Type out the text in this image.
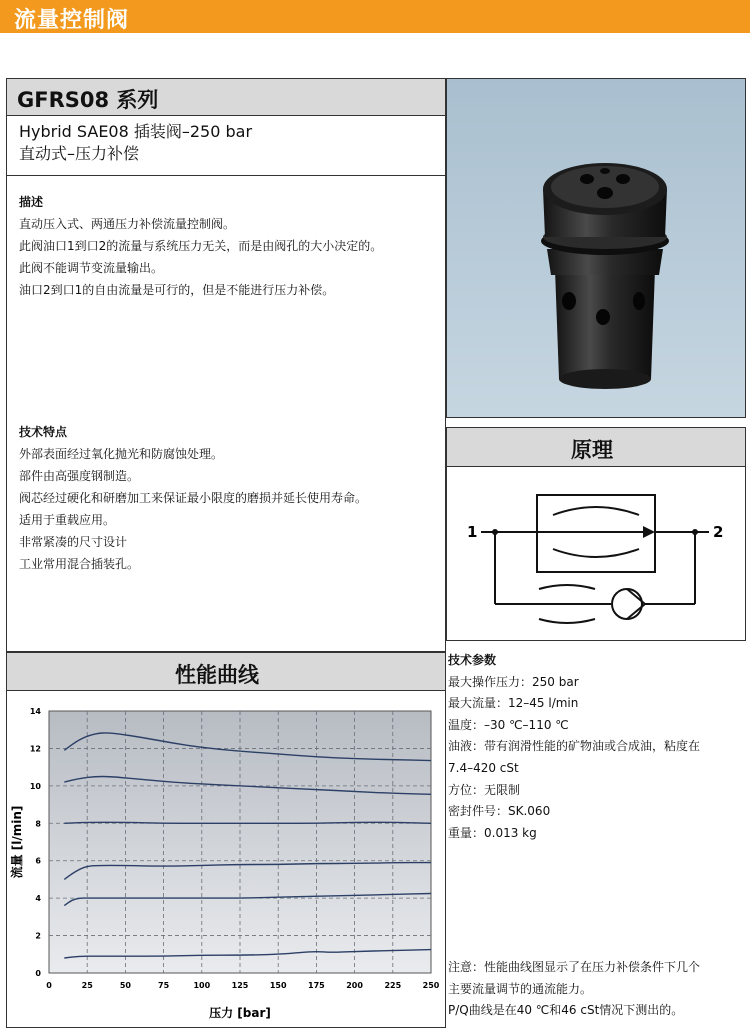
流量控制阀
GFRS08 系列
Hybrid SAE08 插装阀–250 bar
直动式–压力补偿
描述
直动压入式、两通压力补偿流量控制阀。
此阀油口1到口2的流量与系统压力无关，而是由阀孔的大小决定的。
此阀不能调节变流量输出。
油口2到口1的自由流量是可行的，但是不能进行压力补偿。
技术特点
外部表面经过氧化抛光和防腐蚀处理。
部件由高强度钢制造。
阀芯经过硬化和研磨加工来保证最小限度的磨损并延长使用寿命。
适用于重载应用。
非常紧凑的尺寸设计
工业常用混合插装孔。
原理
1	2
性能曲线
0	25	50	75	100	125	150	175	200	225	250
0
2
4
6
8
10
12
14
压力 [bar]
流量 [l/min]
技术参数
最大操作压力：250 bar
最大流量：12–45 l/min
温度：–30 ℃–110 ℃
油液：带有润滑性能的矿物油或合成油，粘度在
7.4–420 cSt
方位：无限制
密封件号：SK.060
重量：0.013 kg
注意：性能曲线图显示了在压力补偿条件下几个
主要流量调节的通流能力。
P/Q曲线是在40 ℃和46 cSt情况下测出的。
